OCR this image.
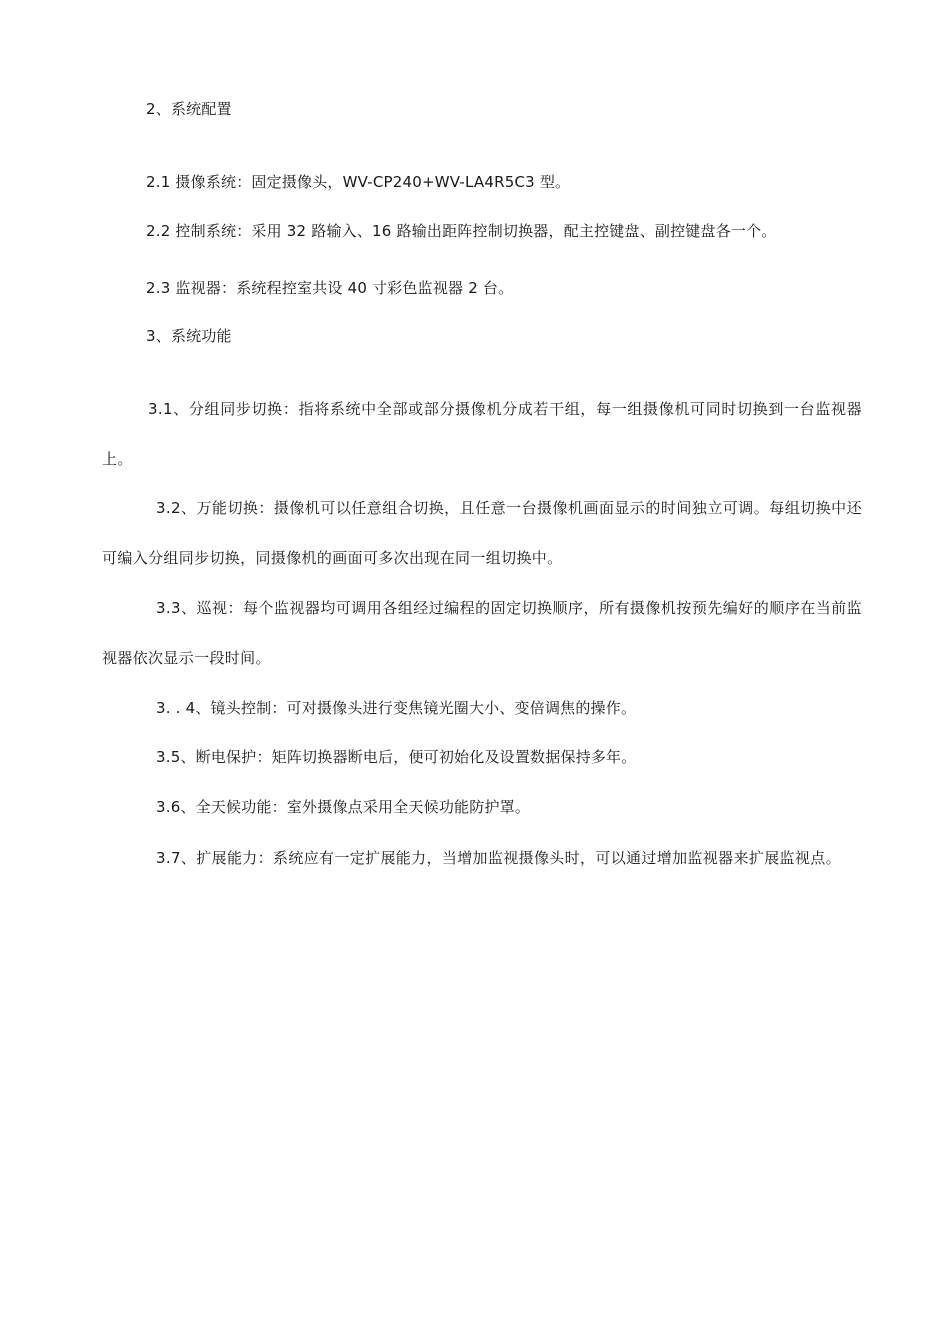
2、系统配置
2.1 摄像系统：固定摄像头，WV-CP240+WV-LA4R5C3 型。
2.2 控制系统：采用 32 路输入、16 路输出距阵控制切换器，配主控键盘、副控键盘各一个。
2.3 监视器：系统程控室共设 40 寸彩色监视器 2 台。
3、系统功能
3.1、分组同步切换：指将系统中全部或部分摄像机分成若干组，每一组摄像机可同时切换到一台监视器上。
3.2、万能切换：摄像机可以任意组合切换，且任意一台摄像机画面显示的时间独立可调。每组切换中还可编入分组同步切换，同摄像机的画面可多次出现在同一组切换中。
3.3、巡视：每个监视器均可调用各组经过编程的固定切换顺序，所有摄像机按预先编好的顺序在当前监视器依次显示一段时间。
3. . 4、镜头控制：可对摄像头进行变焦镜光圈大小、变倍调焦的操作。
3.5、断电保护：矩阵切换器断电后，便可初始化及设置数据保持多年。
3.6、全天候功能：室外摄像点采用全天候功能防护罩。
3.7、扩展能力：系统应有一定扩展能力，当增加监视摄像头时，可以通过增加监视器来扩展监视点。
